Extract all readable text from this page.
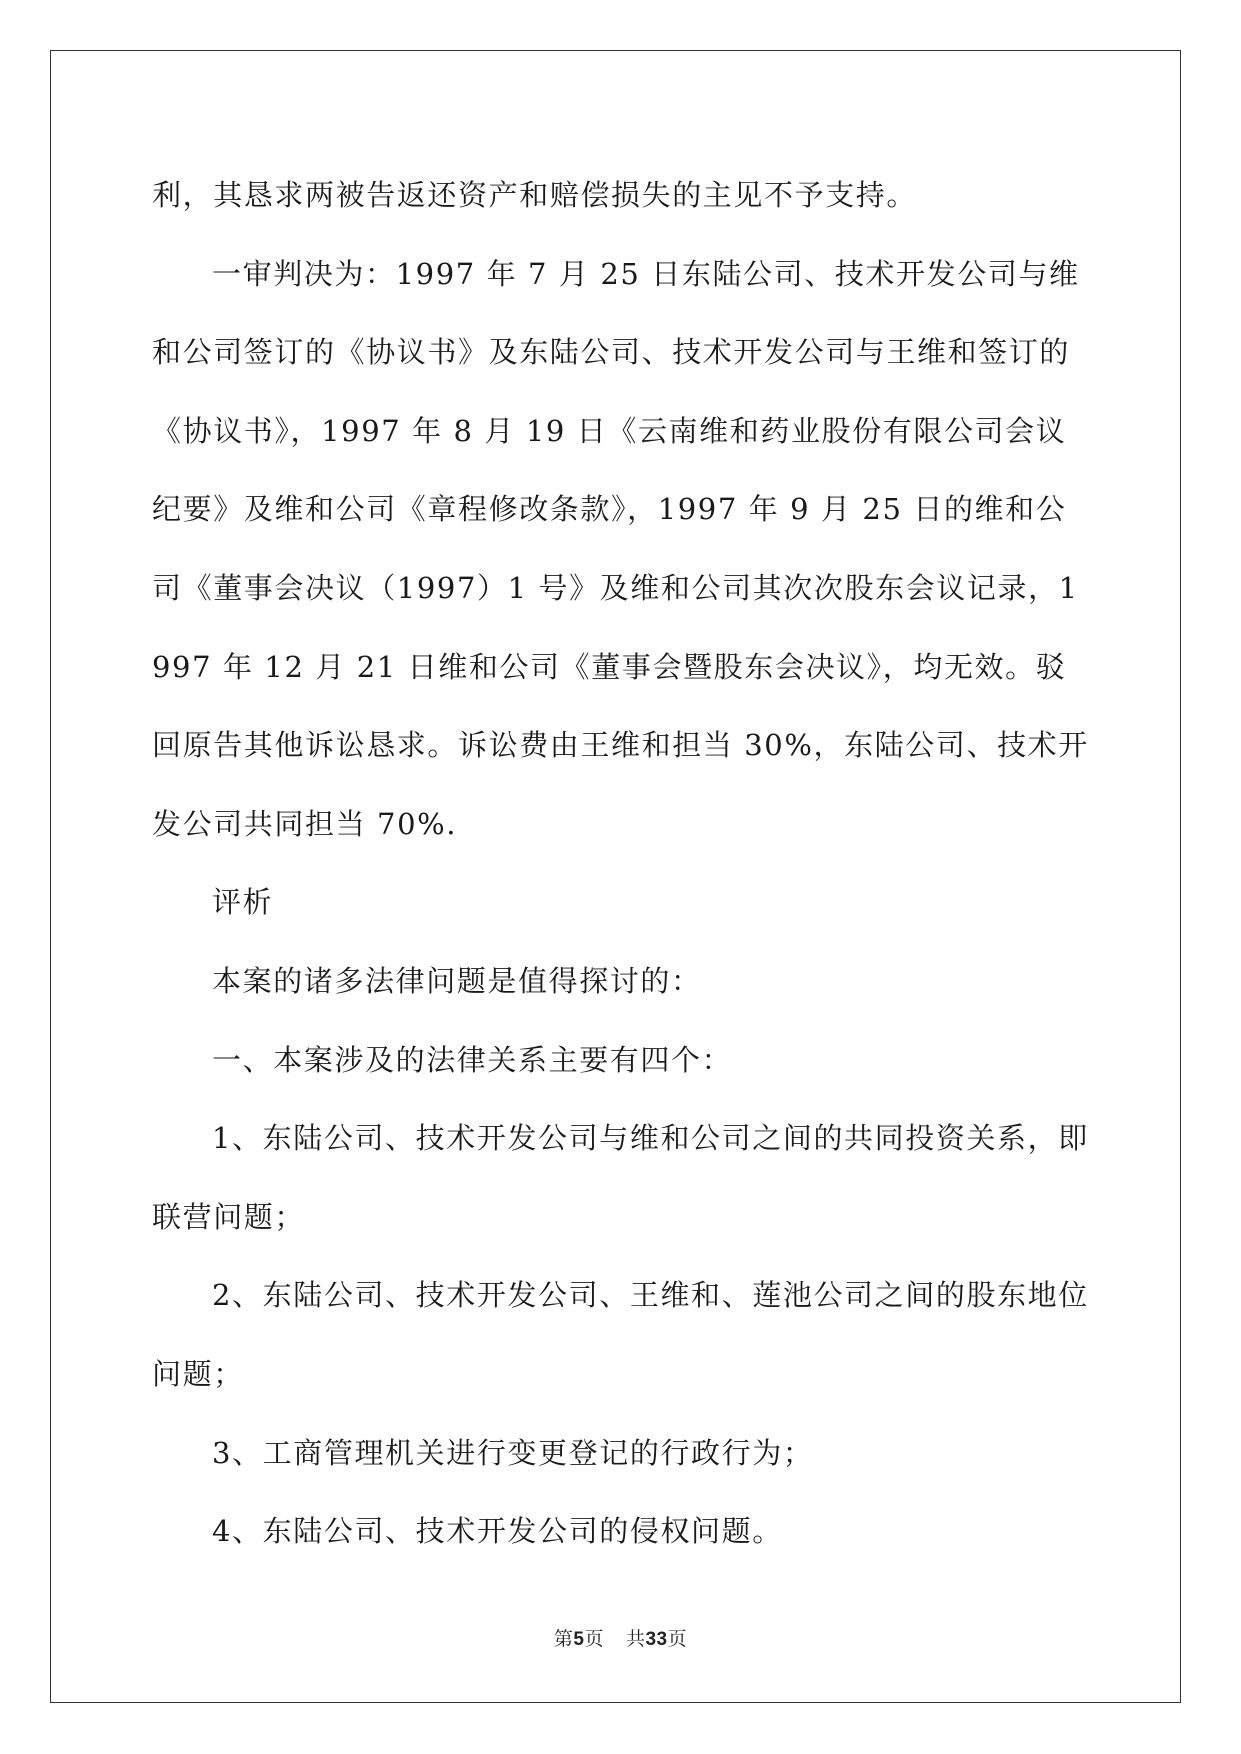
利，其恳求两被告返还资产和赔偿损失的主见不予支持。

一审判决为：1997 年 7 月 25 日东陆公司、技术开发公司与维和公司签订的《协议书》及东陆公司、技术开发公司与王维和签订的《协议书》，1997 年 8 月 19 日《云南维和药业股份有限公司会议纪要》及维和公司《章程修改条款》，1997 年 9 月 25 日的维和公司《董事会决议（1997）1 号》及维和公司其次次股东会议记录，1997 年 12 月 21 日维和公司《董事会暨股东会决议》，均无效。驳回原告其他诉讼恳求。诉讼费由王维和担当 30%，东陆公司、技术开发公司共同担当 70%.

评析

本案的诸多法律问题是值得探讨的：

一、本案涉及的法律关系主要有四个：

1、东陆公司、技术开发公司与维和公司之间的共同投资关系，即联营问题；

2、东陆公司、技术开发公司、王维和、莲池公司之间的股东地位问题；

3、工商管理机关进行变更登记的行政行为；

4、东陆公司、技术开发公司的侵权问题。

第5页 共33页
